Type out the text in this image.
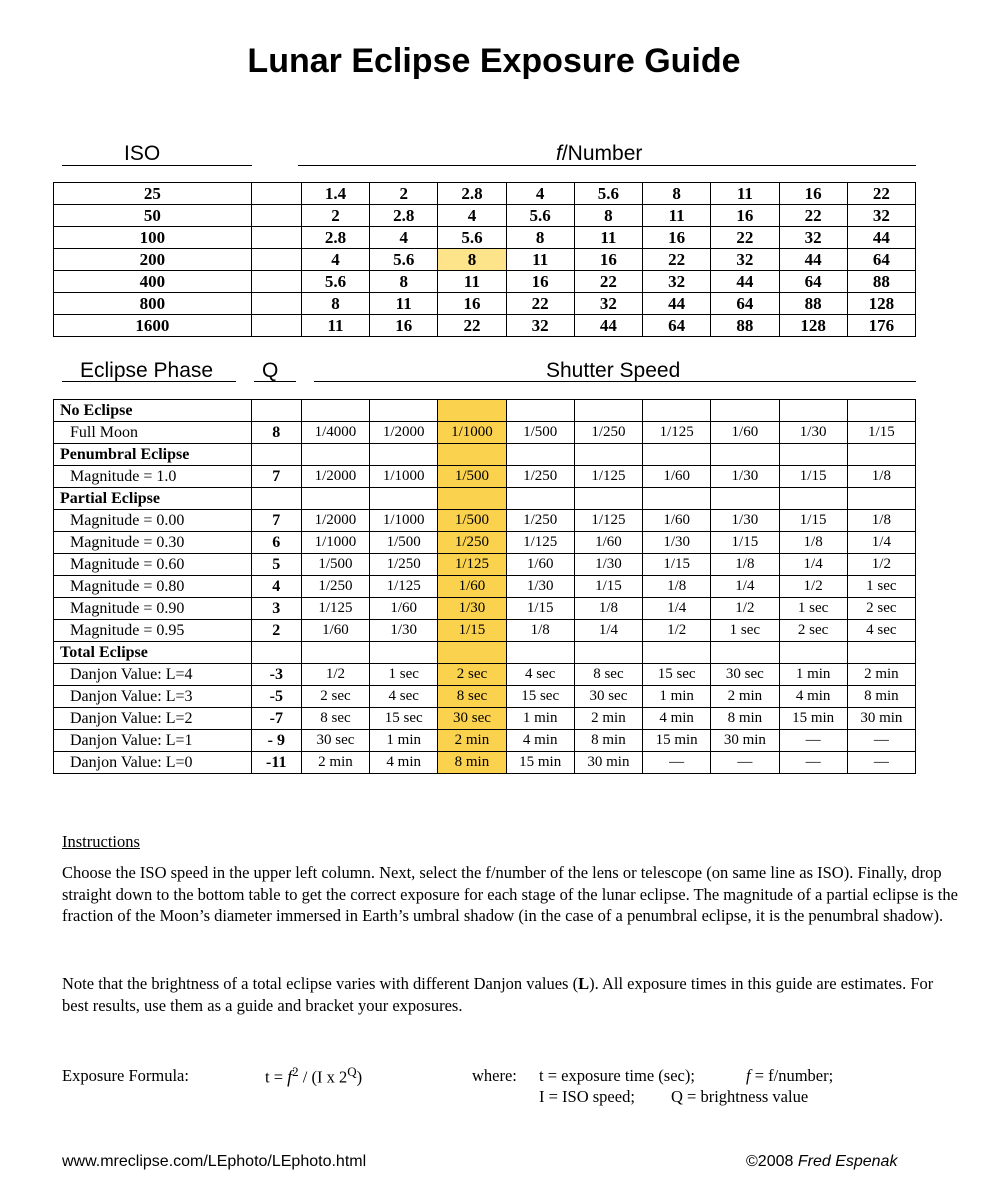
Lunar Eclipse Exposure Guide
ISO	f/Number
25		1.4	2	2.8	4	5.6	8	11	16	22
50		2	2.8	4	5.6	8	11	16	22	32
100		2.8	4	5.6	8	11	16	22	32	44
200		4	5.6	8	11	16	22	32	44	64
400		5.6	8	11	16	22	32	44	64	88
800		8	11	16	22	32	44	64	88	128
1600		11	16	22	32	44	64	88	128	176
Eclipse Phase Q	Shutter Speed
No Eclipse										
Full Moon	8	1/4000	1/2000	1/1000	1/500	1/250	1/125	1/60	1/30	1/15
Penumbral Eclipse										
Magnitude = 1.0	7	1/2000	1/1000	1/500	1/250	1/125	1/60	1/30	1/15	1/8
Partial Eclipse										
Magnitude = 0.00	7	1/2000	1/1000	1/500	1/250	1/125	1/60	1/30	1/15	1/8
Magnitude = 0.30	6	1/1000	1/500	1/250	1/125	1/60	1/30	1/15	1/8	1/4
Magnitude = 0.60	5	1/500	1/250	1/125	1/60	1/30	1/15	1/8	1/4	1/2
Magnitude = 0.80	4	1/250	1/125	1/60	1/30	1/15	1/8	1/4	1/2	1 sec
Magnitude = 0.90	3	1/125	1/60	1/30	1/15	1/8	1/4	1/2	1 sec	2 sec
Magnitude = 0.95	2	1/60	1/30	1/15	1/8	1/4	1/2	1 sec	2 sec	4 sec
Total Eclipse										
Danjon Value: L=4	-3	1/2	1 sec	2 sec	4 sec	8 sec	15 sec	30 sec	1 min	2 min
Danjon Value: L=3	-5	2 sec	4 sec	8 sec	15 sec	30 sec	1 min	2 min	4 min	8 min
Danjon Value: L=2	-7	8 sec	15 sec	30 sec	1 min	2 min	4 min	8 min	15 min	30 min
Danjon Value: L=1	- 9	30 sec	1 min	2 min	4 min	8 min	15 min	30 min	—	—
Danjon Value: L=0	-11	2 min	4 min	8 min	15 min	30 min	—	—	—	—
Instructions
Choose the ISO speed in the upper left column. Next, select the f/number of the lens or telescope (on same line as ISO). Finally, drop straight down to the bottom table to get the correct exposure for each stage of the lunar eclipse. The magnitude of a partial eclipse is the fraction of the Moon’s diameter immersed in Earth’s umbral shadow (in the case of a penumbral eclipse, it is the penumbral shadow).
Note that the brightness of a total eclipse varies with different Danjon values (L). All exposure times in this guide are estimates. For best results, use them as a guide and bracket your exposures.
Exposure Formula:	$t = f^2 / (I$ x $2^Q$)	where: t = exposure time (sec);	f = f/number;
I = ISO speed; Q = brightness value
www.mreclipse.com/LEphoto/LEphoto.html	©2008 Fred Espenak
